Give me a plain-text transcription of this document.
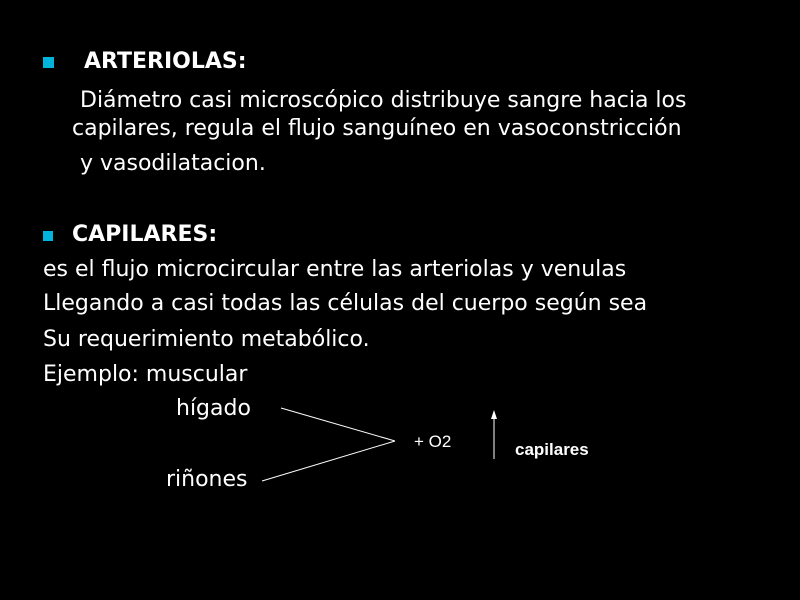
ARTERIOLAS:
Diámetro casi microscópico distribuye sangre hacia los
capilares, regula el flujo sanguíneo en vasoconstricción
y vasodilatacion.
CAPILARES:
es el flujo microcircular entre las arteriolas y venulas
Llegando a casi todas las células del cuerpo según sea
Su requerimiento metabólico.
Ejemplo: muscular
hígado
riñones
+ O2	capilares
